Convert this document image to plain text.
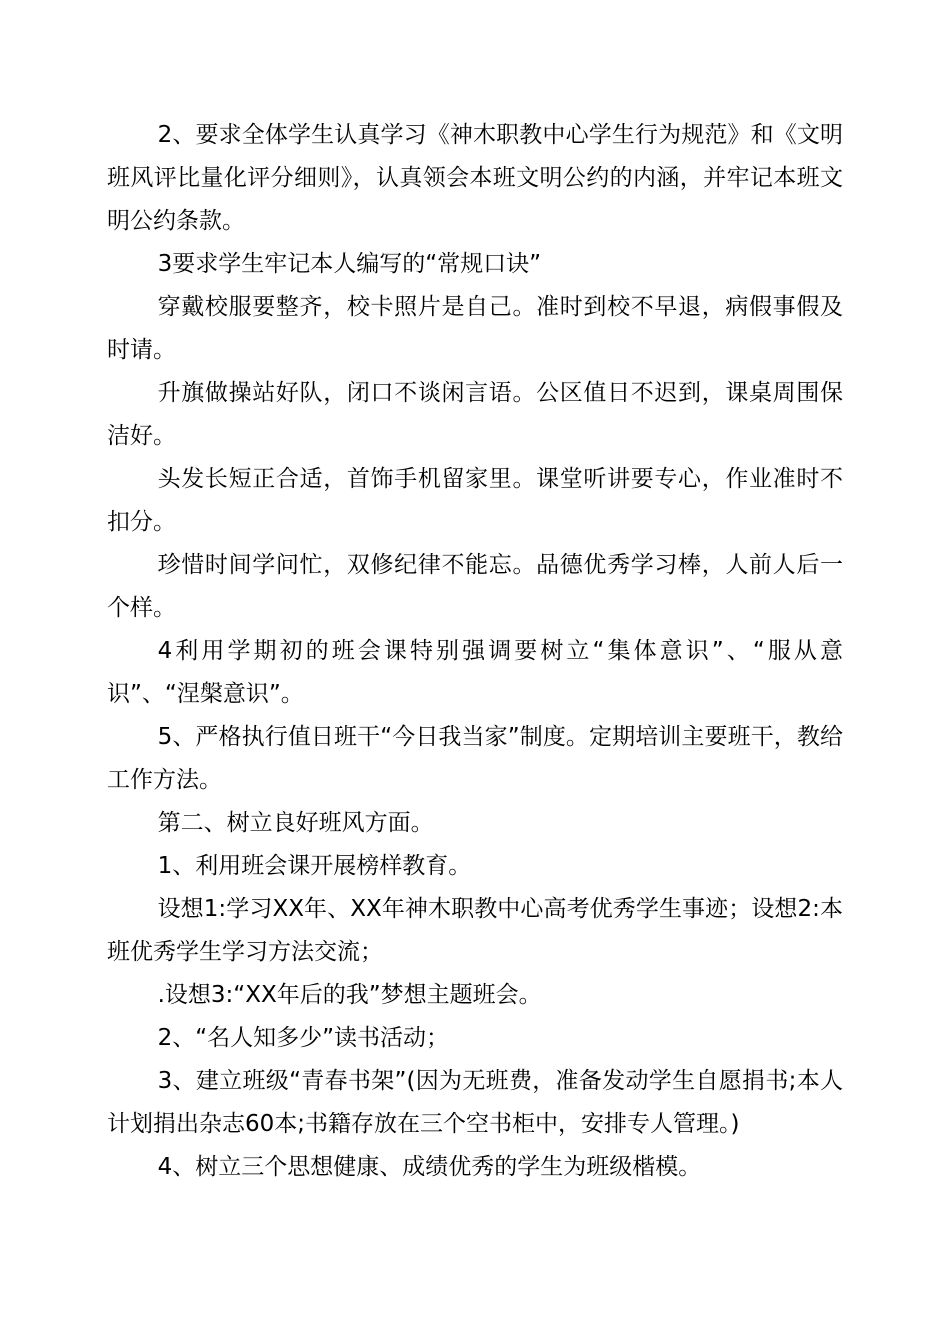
2、要求全体学生认真学习《神木职教中心学生行为规范》和《文明班风评比量化评分细则》，认真领会本班文明公约的内涵，并牢记本班文明公约条款。

3要求学生牢记本人编写的“常规口诀”

穿戴校服要整齐，校卡照片是自己。准时到校不早退，病假事假及时请。

升旗做操站好队，闭口不谈闲言语。公区值日不迟到，课桌周围保洁好。

头发长短正合适，首饰手机留家里。课堂听讲要专心，作业准时不扣分。

珍惜时间学问忙，双修纪律不能忘。品德优秀学习棒，人前人后一个样。

4利用学期初的班会课特别强调要树立“集体意识”、“服从意识”、“涅槃意识”。

5、严格执行值日班干“今日我当家”制度。定期培训主要班干，教给工作方法。

第二、树立良好班风方面。

1、利用班会课开展榜样教育。

设想1:学习XX年、XX年神木职教中心高考优秀学生事迹；设想2:本班优秀学生学习方法交流；

.设想3:“XX年后的我”梦想主题班会。

2、“名人知多少”读书活动；

3、建立班级“青春书架”(因为无班费，准备发动学生自愿捐书;本人计划捐出杂志60本;书籍存放在三个空书柜中，安排专人管理。)

4、树立三个思想健康、成绩优秀的学生为班级楷模。
